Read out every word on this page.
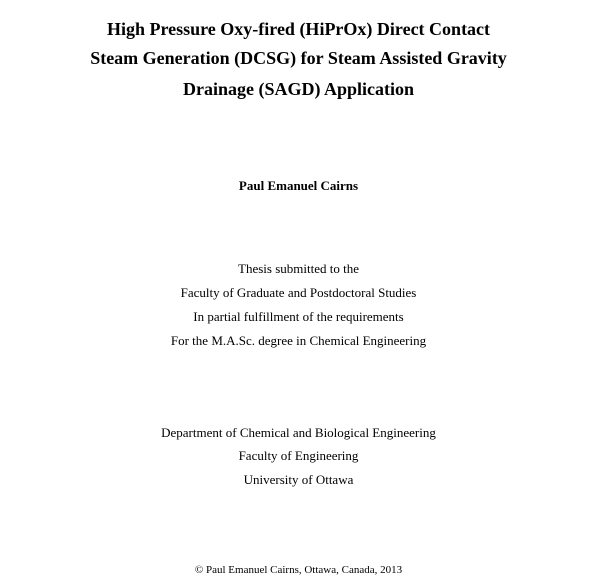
High Pressure Oxy-fired (HiPrOx) Direct Contact
Steam Generation (DCSG) for Steam Assisted Gravity
Drainage (SAGD) Application
Paul Emanuel Cairns
Thesis submitted to the
Faculty of Graduate and Postdoctoral Studies
In partial fulfillment of the requirements
For the M.A.Sc. degree in Chemical Engineering
Department of Chemical and Biological Engineering
Faculty of Engineering
University of Ottawa
© Paul Emanuel Cairns, Ottawa, Canada, 2013
